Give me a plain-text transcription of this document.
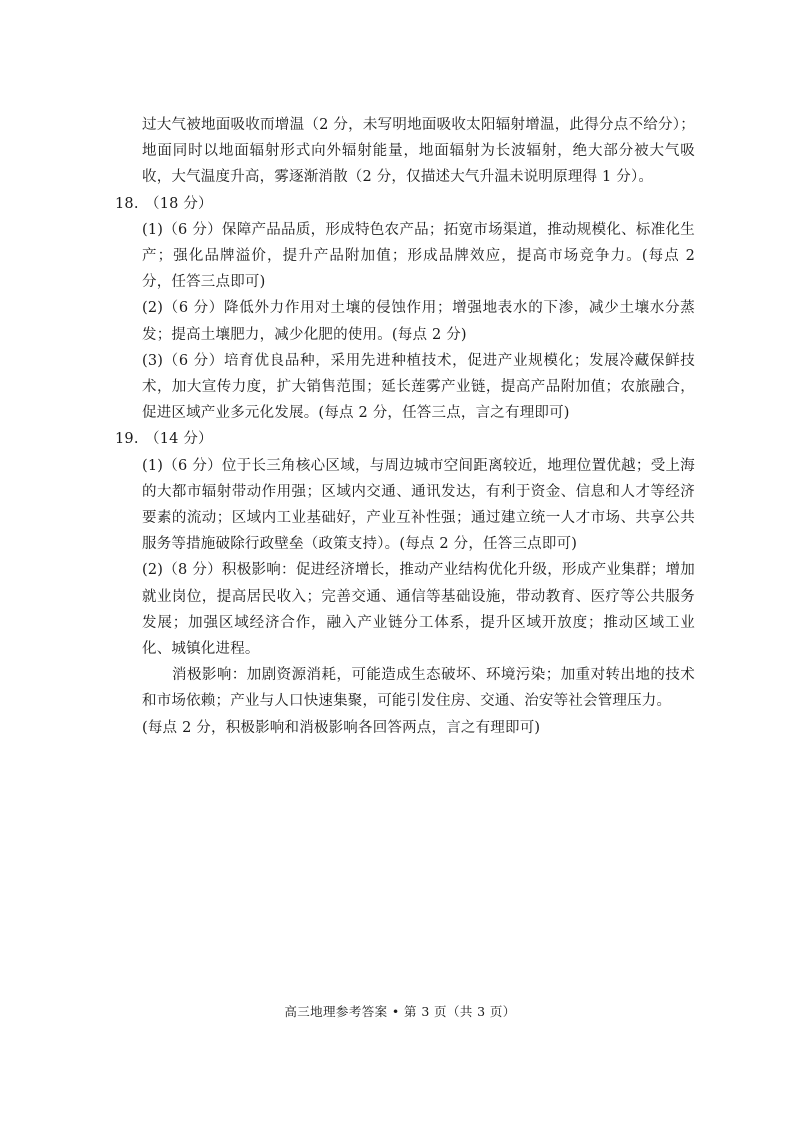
过大气被地面吸收而增温（2 分，未写明地面吸收太阳辐射增温，此得分点不给分）；地面同时以地面辐射形式向外辐射能量，地面辐射为长波辐射，绝大部分被大气吸收，大气温度升高，雾逐渐消散（2 分，仅描述大气升温未说明原理得 1 分）。

18. （18 分）

(1)（6 分）保障产品品质，形成特色农产品；拓宽市场渠道，推动规模化、标准化生产；强化品牌溢价，提升产品附加值；形成品牌效应，提高市场竞争力。(每点 2 分，任答三点即可)

(2)（6 分）降低外力作用对土壤的侵蚀作用；增强地表水的下渗，减少土壤水分蒸发；提高土壤肥力，减少化肥的使用。(每点 2 分)

(3)（6 分）培育优良品种，采用先进种植技术，促进产业规模化；发展冷藏保鲜技术，加大宣传力度，扩大销售范围；延长莲雾产业链，提高产品附加值；农旅融合，促进区域产业多元化发展。(每点 2 分，任答三点，言之有理即可)

19. （14 分）

(1)（6 分）位于长三角核心区域，与周边城市空间距离较近，地理位置优越；受上海的大都市辐射带动作用强；区域内交通、通讯发达，有利于资金、信息和人才等经济要素的流动；区域内工业基础好，产业互补性强；通过建立统一人才市场、共享公共服务等措施破除行政壁垒（政策支持）。(每点 2 分，任答三点即可)

(2)（8 分）积极影响：促进经济增长，推动产业结构优化升级，形成产业集群；增加就业岗位，提高居民收入；完善交通、通信等基础设施，带动教育、医疗等公共服务发展；加强区域经济合作，融入产业链分工体系，提升区域开放度；推动区域工业化、城镇化进程。

消极影响：加剧资源消耗，可能造成生态破坏、环境污染；加重对转出地的技术和市场依赖；产业与人口快速集聚，可能引发住房、交通、治安等社会管理压力。

(每点 2 分，积极影响和消极影响各回答两点，言之有理即可)

高三地理参考答案 • 第 3 页（共 3 页）
